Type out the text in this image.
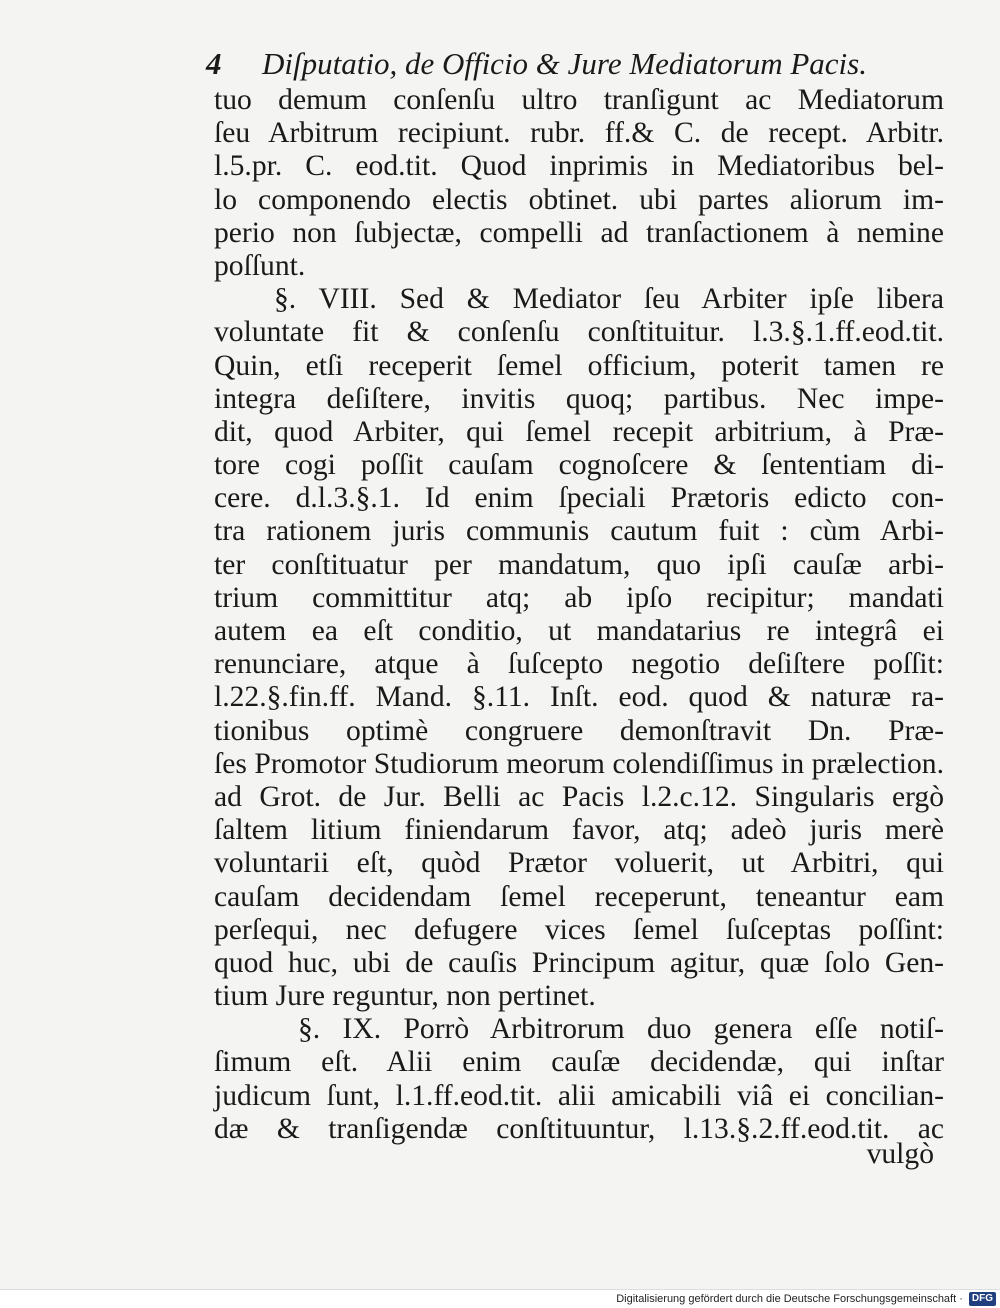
4	Diſputatio, de Officio & Jure Mediatorum Pacis.
tuo demum conſenſu ultro tranſigunt ac Mediatorum
ſeu Arbitrum recipiunt. rubr. ff.& C. de recept. Arbitr.
l.5.pr. C. eod.tit. Quod inprimis in Mediatoribus bel-
lo componendo electis obtinet. ubi partes aliorum im-
perio non ſubjectæ, compelli ad tranſactionem à nemine
poſſunt.
§. VIII. Sed & Mediator ſeu Arbiter ipſe libera
voluntate fit & conſenſu conſtituitur. l.3.§.1.ff.eod.tit.
Quin, etſi receperit ſemel officium, poterit tamen re
integra deſiſtere, invitis quoq; partibus. Nec impe-
dit, quod Arbiter, qui ſemel recepit arbitrium, à Præ-
tore cogi poſſit cauſam cognoſcere & ſententiam di-
cere. d.l.3.§.1. Id enim ſpeciali Prætoris edicto con-
tra rationem juris communis cautum fuit : cùm Arbi-
ter conſtituatur per mandatum, quo ipſi cauſæ arbi-
trium committitur atq; ab ipſo recipitur; mandati
autem ea eſt conditio, ut mandatarius re integrâ ei
renunciare, atque à ſuſcepto negotio deſiſtere poſſit:
l.22.§.fin.ff. Mand. §.11. Inſt. eod. quod & naturæ ra-
tionibus optimè congruere demonſtravit Dn. Præ-
ſes Promotor Studiorum meorum colendiſſimus in prælection.
ad Grot. de Jur. Belli ac Pacis l.2.c.12. Singularis ergò
ſaltem litium finiendarum favor, atq; adeò juris merè
voluntarii eſt, quòd Prætor voluerit, ut Arbitri, qui
cauſam decidendam ſemel receperunt, teneantur eam
perſequi, nec defugere vices ſemel ſuſceptas poſſint:
quod huc, ubi de cauſis Principum agitur, quæ ſolo Gen-
tium Jure reguntur, non pertinet.
§. IX. Porrò Arbitrorum duo genera eſſe notiſ-
ſimum eſt. Alii enim cauſæ decidendæ, qui inſtar
judicum ſunt, l.1.ff.eod.tit. alii amicabili viâ ei concilian-
dæ & tranſigendæ conſtituuntur, l.13.§.2.ff.eod.tit. ac
vulgò
Digitalisierung gefördert durch die Deutsche Forschungsgemeinschaft · DFG
